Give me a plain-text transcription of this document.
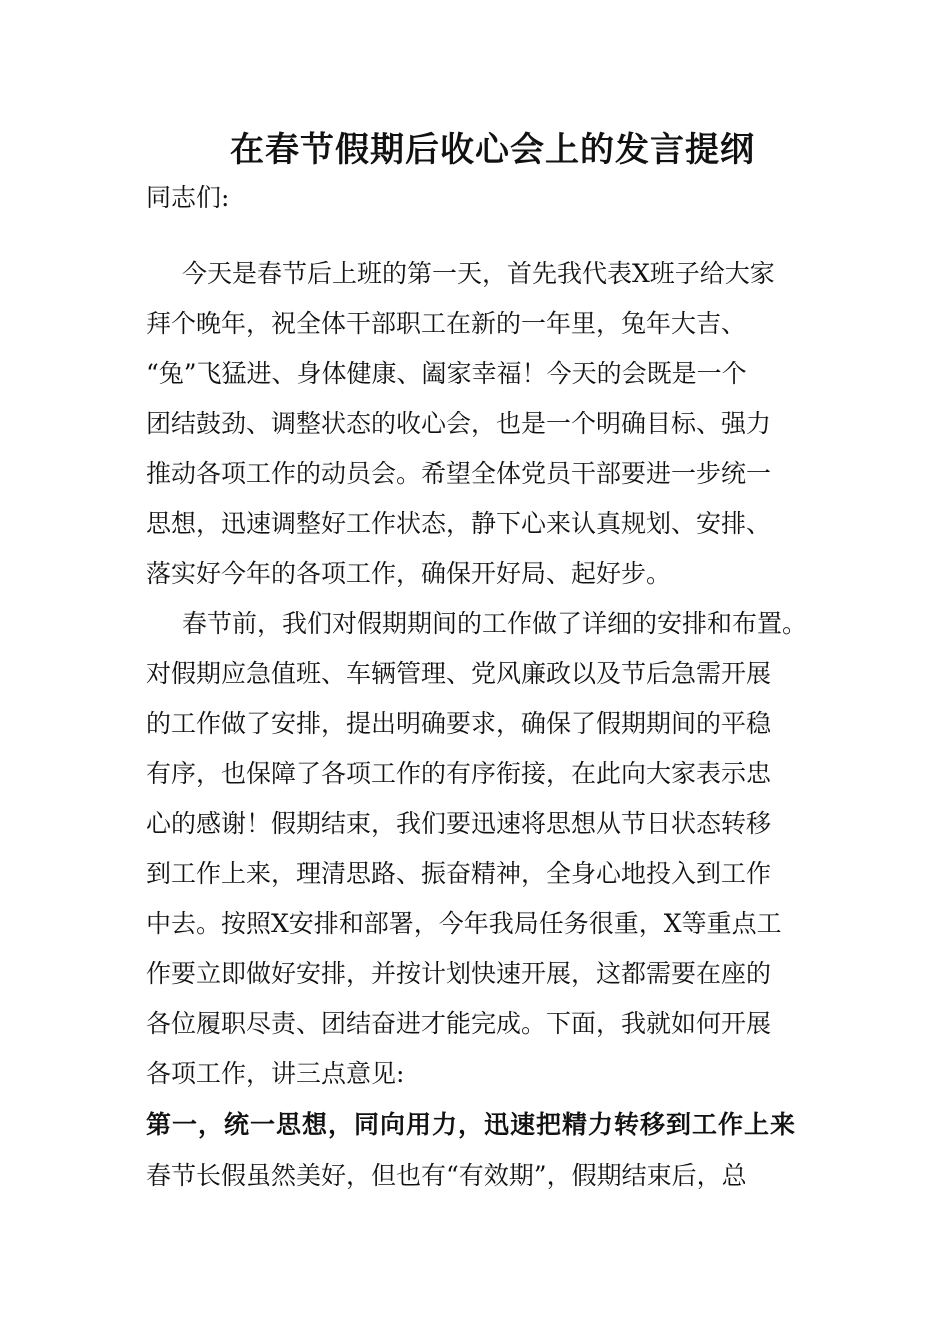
在春节假期后收心会上的发言提纲
同志们:
今天是春节后上班的第一天，首先我代表X班子给大家
拜个晚年，祝全体干部职工在新的一年里，兔年大吉、
“兔”飞猛进、身体健康、阖家幸福！今天的会既是一个
团结鼓劲、调整状态的收心会，也是一个明确目标、强力
推动各项工作的动员会。希望全体党员干部要进一步统一
思想，迅速调整好工作状态，静下心来认真规划、安排、
落实好今年的各项工作，确保开好局、起好步。
春节前，我们对假期期间的工作做了详细的安排和布置。
对假期应急值班、车辆管理、党风廉政以及节后急需开展
的工作做了安排，提出明确要求，确保了假期期间的平稳
有序，也保障了各项工作的有序衔接，在此向大家表示忠
心的感谢！假期结束，我们要迅速将思想从节日状态转移
到工作上来，理清思路、振奋精神，全身心地投入到工作
中去。按照X安排和部署，今年我局任务很重，X等重点工
作要立即做好安排，并按计划快速开展，这都需要在座的
各位履职尽责、团结奋进才能完成。下面，我就如何开展
各项工作，讲三点意见:
第一，统一思想，同向用力，迅速把精力转移到工作上来
春节长假虽然美好，但也有“有效期”，假期结束后，总
